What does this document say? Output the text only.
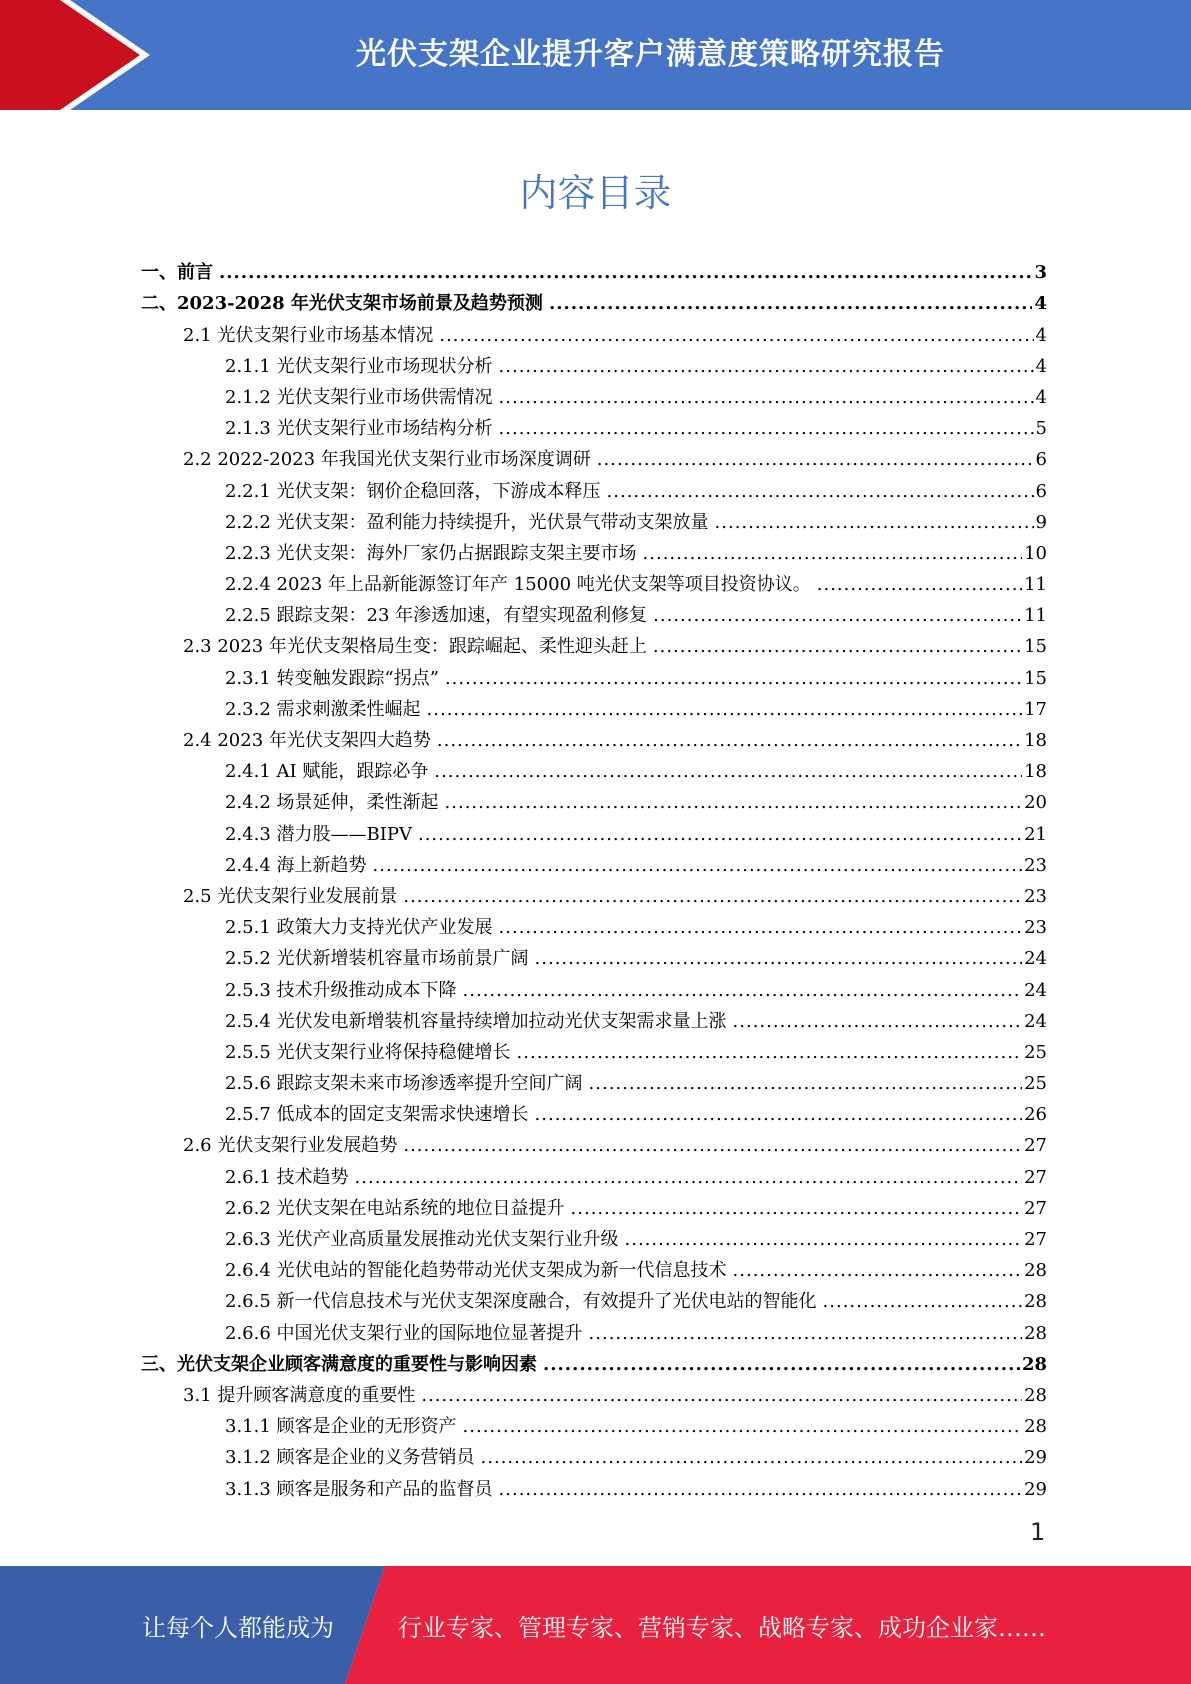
光伏支架企业提升客户满意度策略研究报告
内容目录
一、前言 .....	3
二、2023-2028 年光伏支架市场前景及趋势预测 .....	4
2.1 光伏支架行业市场基本情况 .....	4
2.1.1 光伏支架行业市场现状分析 .....	4
2.1.2 光伏支架行业市场供需情况 .....	4
2.1.3 光伏支架行业市场结构分析 .....	5
2.2 2022-2023 年我国光伏支架行业市场深度调研 .....	6
2.2.1 光伏支架：钢价企稳回落，下游成本释压 .....	6
2.2.2 光伏支架：盈利能力持续提升，光伏景气带动支架放量 .....	9
2.2.3 光伏支架：海外厂家仍占据跟踪支架主要市场 .....	10
2.2.4 2023 年上品新能源签订年产 15000 吨光伏支架等项目投资协议。 .....	11
2.2.5 跟踪支架：23 年渗透加速，有望实现盈利修复 .....	11
2.3 2023 年光伏支架格局生变：跟踪崛起、柔性迎头赶上 .....	15
2.3.1 转变触发跟踪“拐点” .....	15
2.3.2 需求刺激柔性崛起 .....	17
2.4 2023 年光伏支架四大趋势 .....	18
2.4.1 AI 赋能，跟踪必争 .....	18
2.4.2 场景延伸，柔性渐起 .....	20
2.4.3 潜力股——BIPV .....	21
2.4.4 海上新趋势 .....	23
2.5 光伏支架行业发展前景 .....	23
2.5.1 政策大力支持光伏产业发展 .....	23
2.5.2 光伏新增装机容量市场前景广阔 .....	24
2.5.3 技术升级推动成本下降 .....	24
2.5.4 光伏发电新增装机容量持续增加拉动光伏支架需求量上涨 .....	24
2.5.5 光伏支架行业将保持稳健增长 .....	25
2.5.6 跟踪支架未来市场渗透率提升空间广阔 .....	25
2.5.7 低成本的固定支架需求快速增长 .....	26
2.6 光伏支架行业发展趋势 .....	27
2.6.1 技术趋势 .....	27
2.6.2 光伏支架在电站系统的地位日益提升 .....	27
2.6.3 光伏产业高质量发展推动光伏支架行业升级 .....	27
2.6.4 光伏电站的智能化趋势带动光伏支架成为新一代信息技术 .....	28
2.6.5 新一代信息技术与光伏支架深度融合，有效提升了光伏电站的智能化 .....	28
2.6.6 中国光伏支架行业的国际地位显著提升 .....	28
三、光伏支架企业顾客满意度的重要性与影响因素 .....	28
3.1 提升顾客满意度的重要性 .....	28
3.1.1 顾客是企业的无形资产 .....	28
3.1.2 顾客是企业的义务营销员 .....	29
3.1.3 顾客是服务和产品的监督员 .....	29
1
让每个人都能成为	行业专家、管理专家、营销专家、战略专家、成功企业家……
